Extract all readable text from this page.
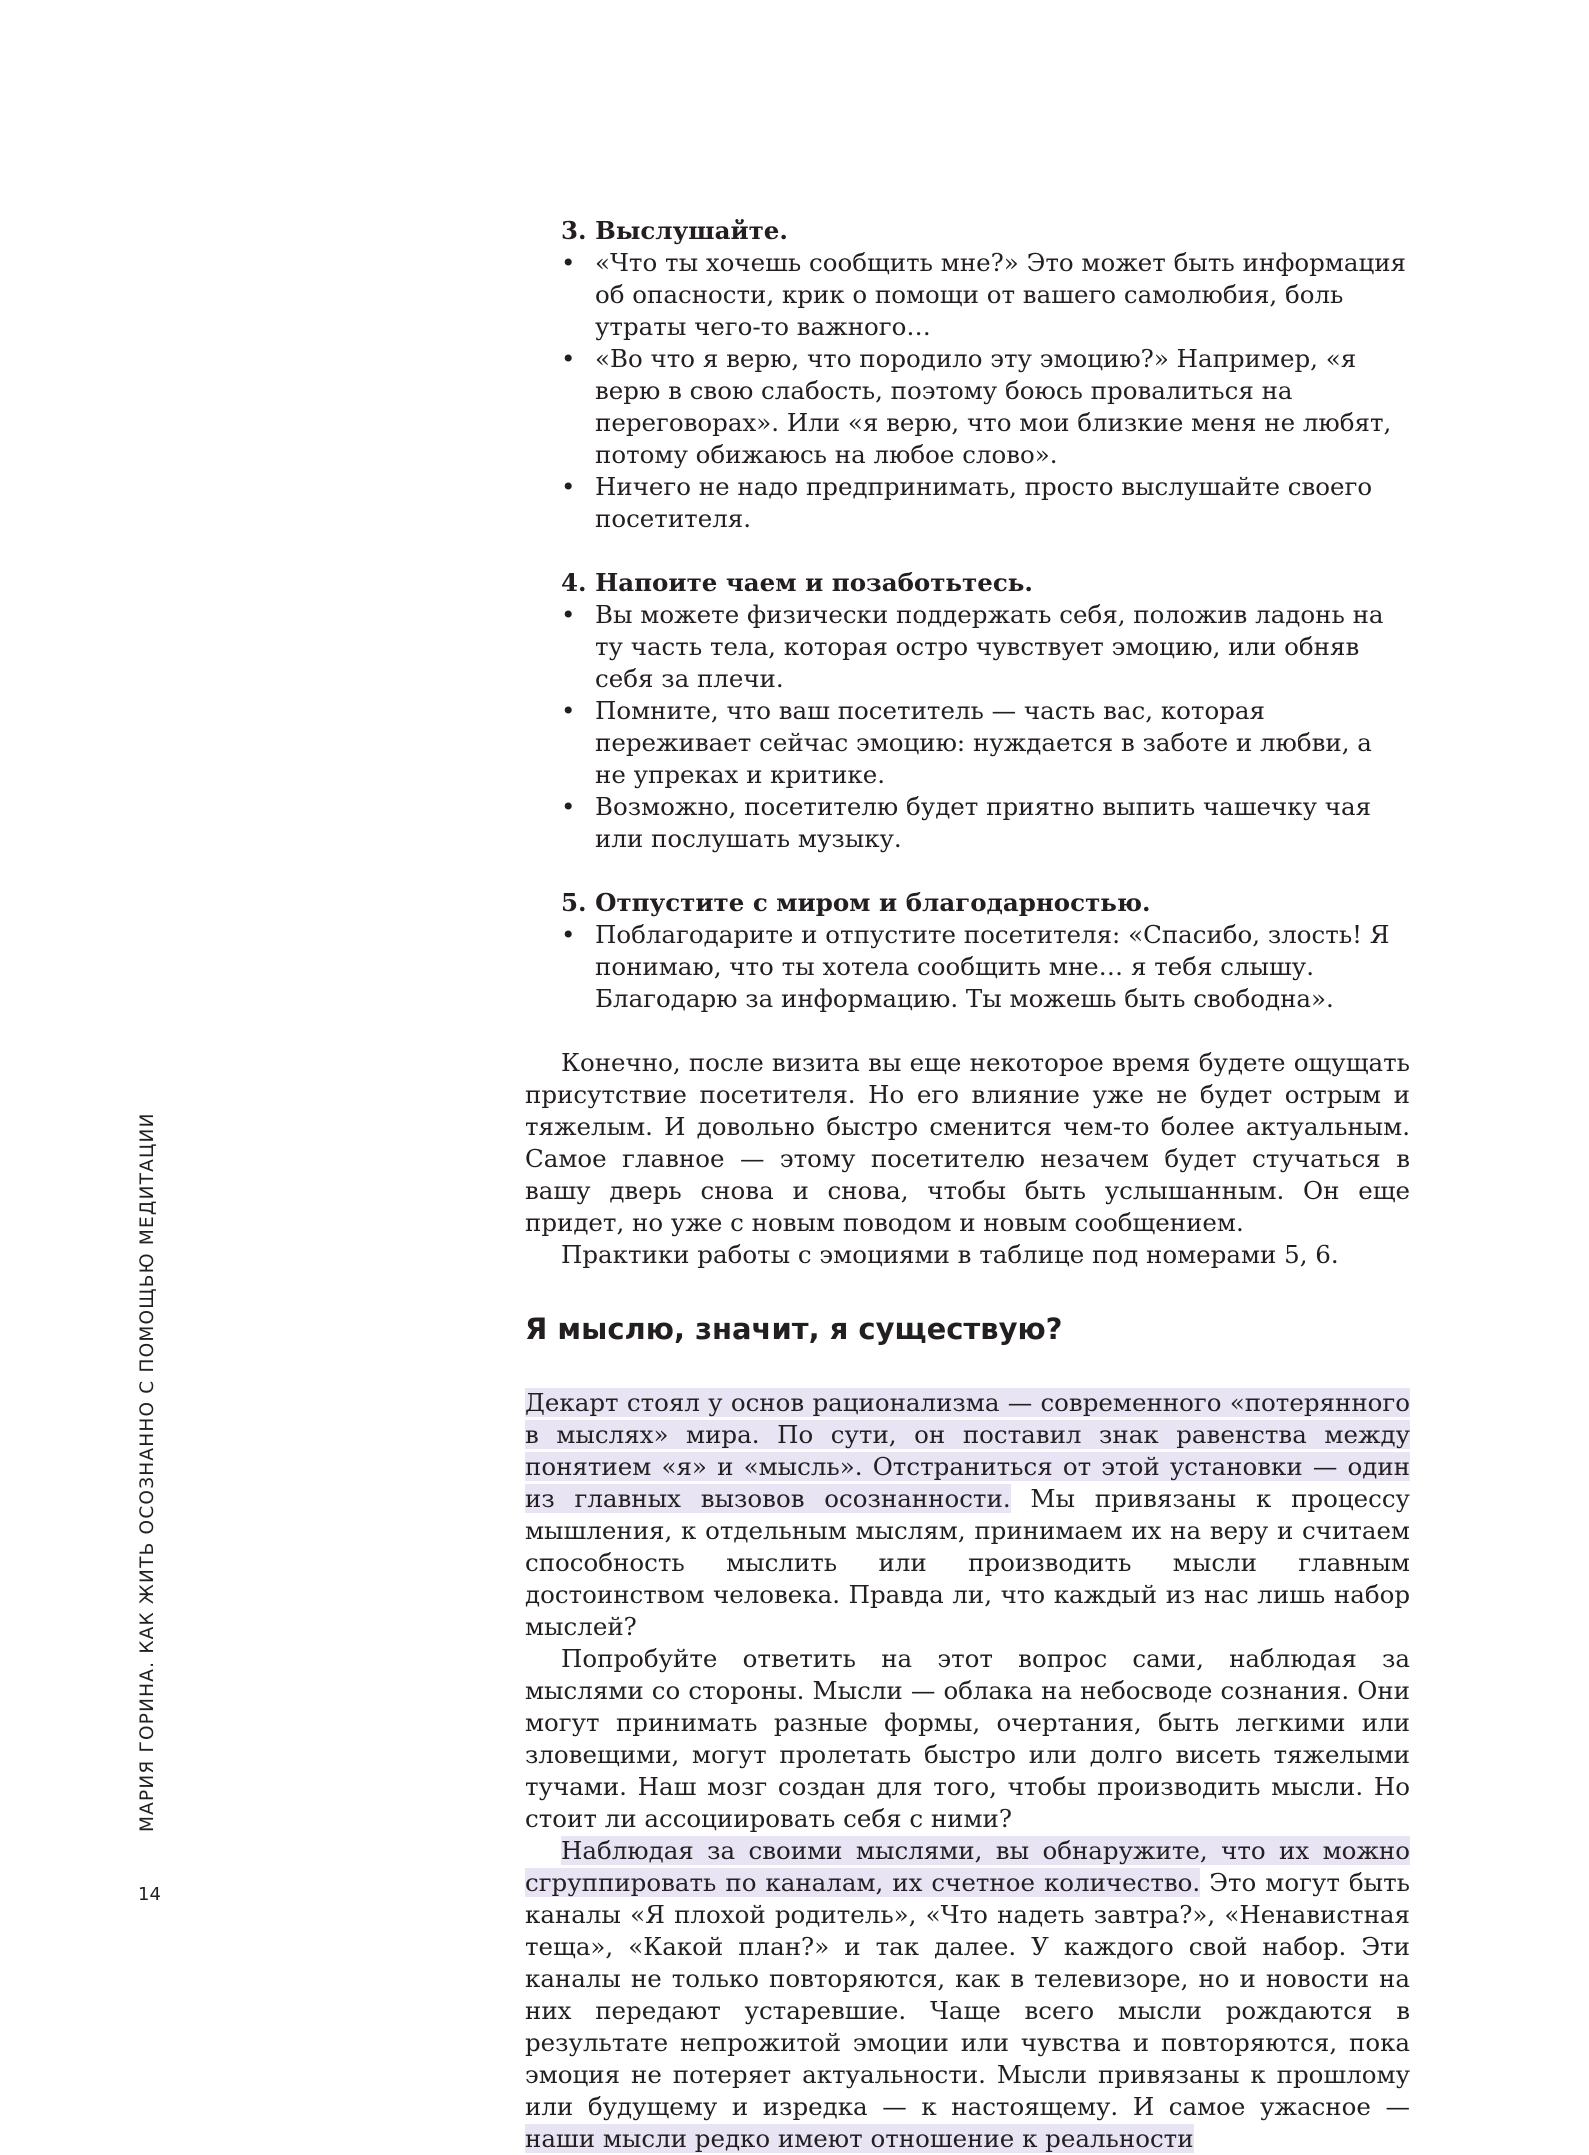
МАРИЯ ГОРИНА. КАК ЖИТЬ ОСОЗНАННО С ПОМОЩЬЮ МЕДИТАЦИИ

3. Выслушайте.

• «Что ты хочешь сообщить мне?» Это может быть информация об опасности, крик о помощи от вашего самолюбия, боль утраты чего-то важного…
• «Во что я верю, что породило эту эмоцию?» Например, «я верю в свою слабость, поэтому боюсь провалиться на переговорах». Или «я верю, что мои близкие меня не любят, потому обижаюсь на любое слово».
• Ничего не надо предпринимать, просто выслушайте своего посетителя.

4. Напоите чаем и позаботьтесь.

• Вы можете физически поддержать себя, положив ладонь на ту часть тела, которая остро чувствует эмоцию, или обняв себя за плечи.
• Помните, что ваш посетитель — часть вас, которая переживает сейчас эмоцию: нуждается в заботе и любви, а не упреках и критике.
• Возможно, посетителю будет приятно выпить чашечку чая или послушать музыку.

5. Отпустите с миром и благодарностью.

• Поблагодарите и отпустите посетителя: «Спасибо, злость! Я понимаю, что ты хотела сообщить мне… я тебя слышу. Благодарю за информацию. Ты можешь быть свободна».

Конечно, после визита вы еще некоторое время будете ощущать присутствие посетителя. Но его влияние уже не будет острым и тяжелым. И довольно быстро сменится чем-то более актуальным. Самое главное — этому посетителю незачем будет стучаться в вашу дверь снова и снова, чтобы быть услышанным. Он еще придет, но уже с новым поводом и новым сообщением.

Практики работы с эмоциями в таблице под номерами 5, 6.

Я мыслю, значит, я существую?

Декарт стоял у основ рационализма — современного «потерянного в мыслях» мира. По сути, он поставил знак равенства между понятием «я» и «мысль». Отстраниться от этой установки — один из главных вызовов осознанности. Мы привязаны к процессу мышления, к отдельным мыслям, принимаем их на веру и считаем способность мыслить или производить мысли главным достоинством человека. Правда ли, что каждый из нас лишь набор мыслей?

Попробуйте ответить на этот вопрос сами, наблюдая за мыслями со стороны. Мысли — облака на небосводе сознания. Они могут принимать разные формы, очертания, быть легкими или зловещими, могут пролетать быстро или долго висеть тяжелыми тучами. Наш мозг создан для того, чтобы производить мысли. Но стоит ли ассоциировать себя с ними?

Наблюдая за своими мыслями, вы обнаружите, что их можно сгруппировать по каналам, их счетное количество. Это могут быть каналы «Я плохой родитель», «Что надеть завтра?», «Ненавистная теща», «Какой план?» и так далее. У каждого свой набор. Эти каналы не только повторяются, как в телевизоре, но и новости на них передают устаревшие. Чаще всего мысли рождаются в результате непрожитой эмоции или чувства и повторяются, пока эмоция не потеряет актуальности. Мысли привязаны к прошлому или будущему и изредка — к настоящему. И самое ужасное — наши мысли редко имеют отношение к реальности

14
